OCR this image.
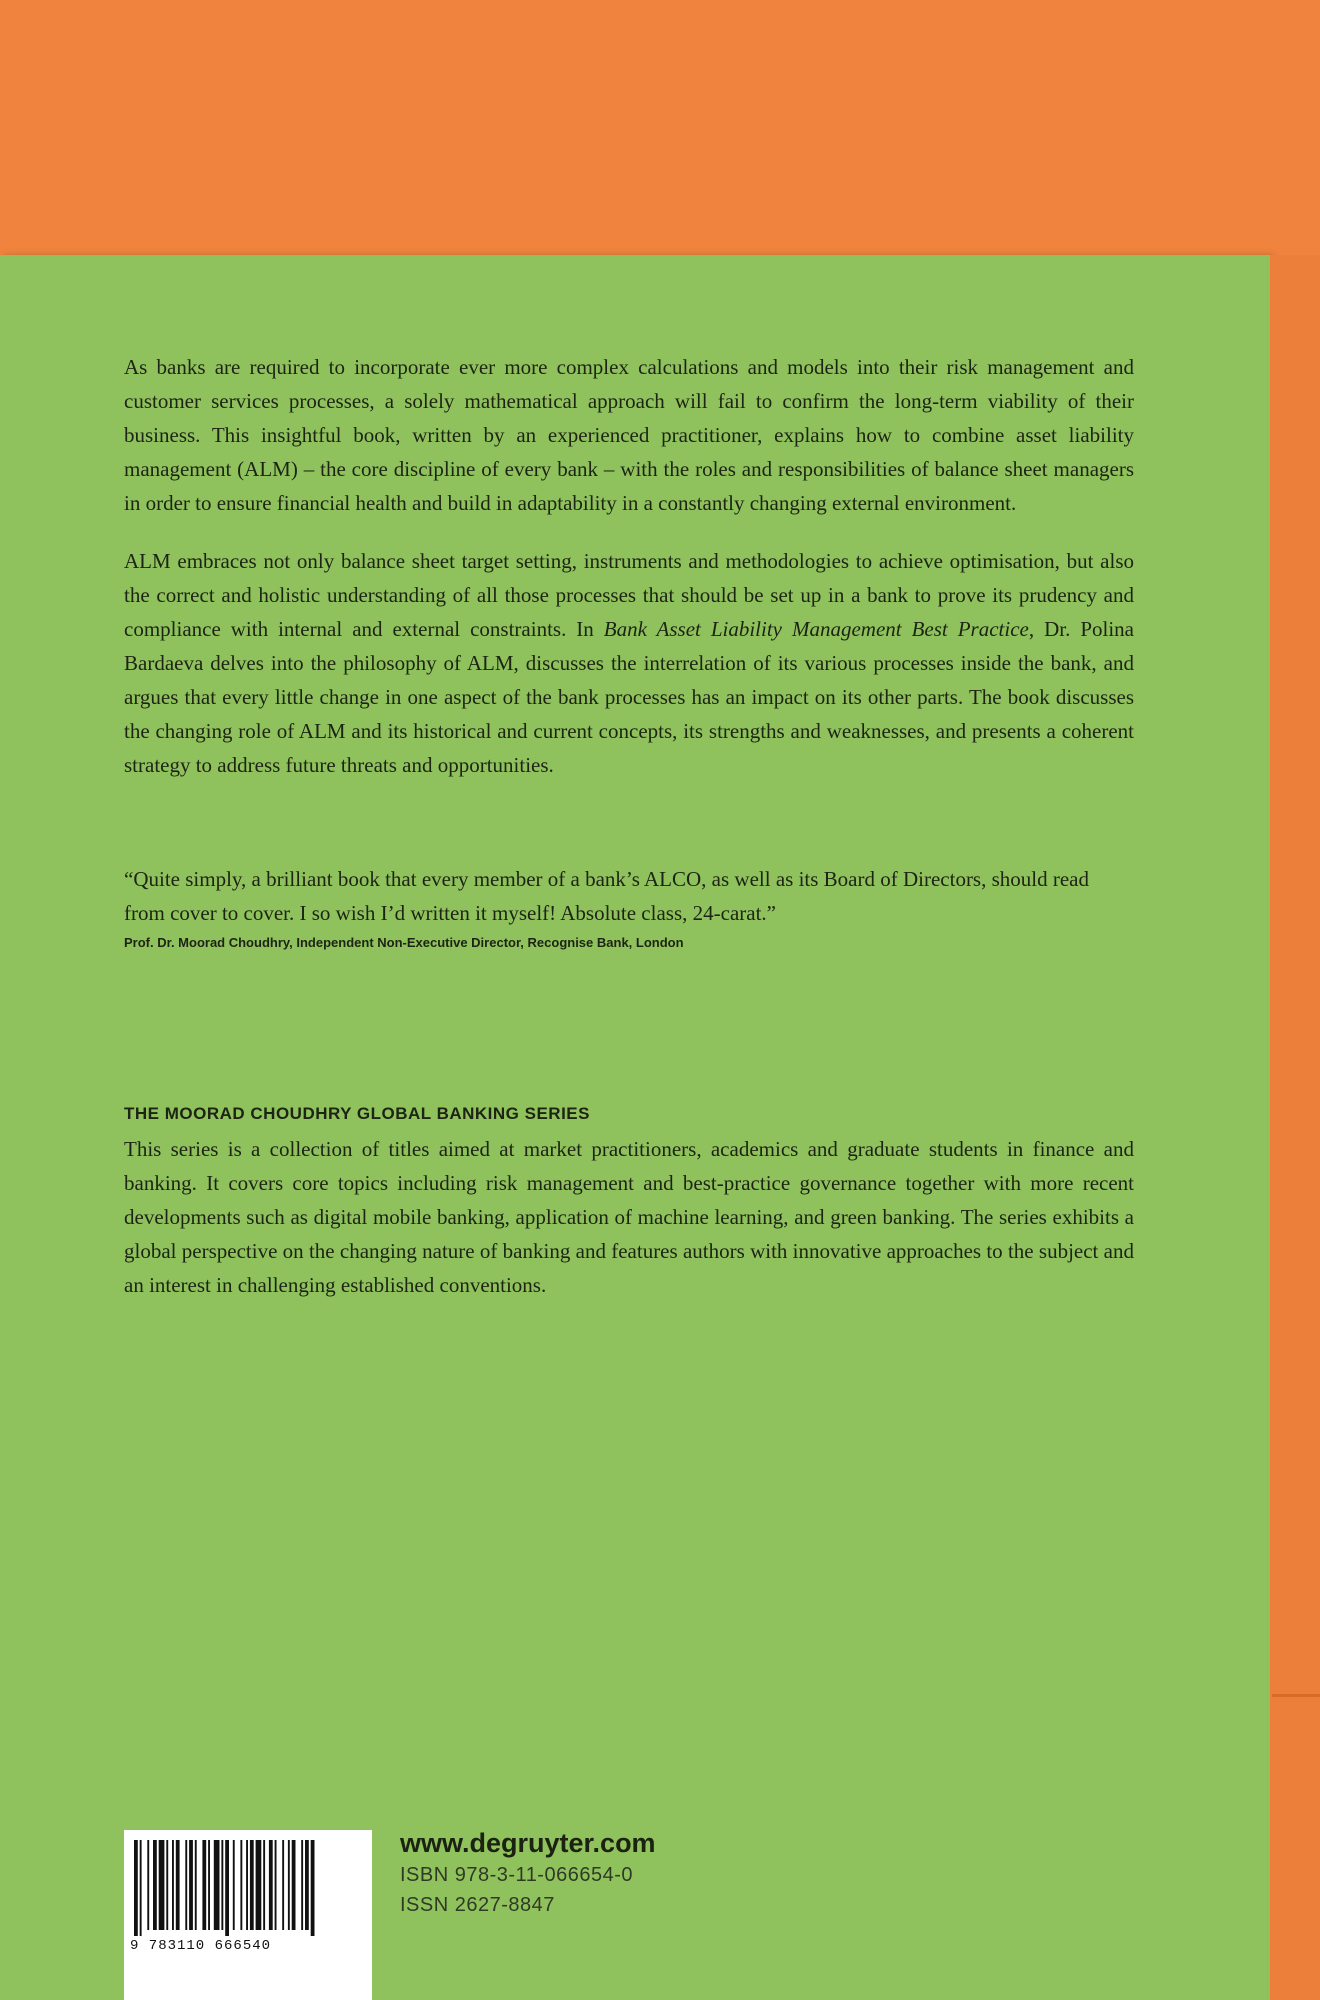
As banks are required to incorporate ever more complex calculations and models into their risk management and customer services processes, a solely mathematical approach will fail to confirm the long-term viability of their business. This insightful book, written by an experienced practitioner, explains how to combine asset liability management (ALM) – the core discipline of every bank – with the roles and responsibilities of balance sheet managers in order to ensure financial health and build in adaptability in a constantly changing external environment.

ALM embraces not only balance sheet target setting, instruments and methodologies to achieve optimisation, but also the correct and holistic understanding of all those processes that should be set up in a bank to prove its prudency and compliance with internal and external constraints. In Bank Asset Liability Management Best Practice, Dr. Polina Bardaeva delves into the philosophy of ALM, discusses the interrelation of its various processes inside the bank, and argues that every little change in one aspect of the bank processes has an impact on its other parts. The book discusses the changing role of ALM and its historical and current concepts, its strengths and weaknesses, and presents a coherent strategy to address future threats and opportunities.

“Quite simply, a brilliant book that every member of a bank’s ALCO, as well as its Board of Directors, should read from cover to cover. I so wish I’d written it myself! Absolute class, 24-carat.”

Prof. Dr. Moorad Choudhry, Independent Non-Executive Director, Recognise Bank, London

THE MOORAD CHOUDHRY GLOBAL BANKING SERIES

This series is a collection of titles aimed at market practitioners, academics and graduate students in finance and banking. It covers core topics including risk management and best-practice governance together with more recent developments such as digital mobile banking, application of machine learning, and green banking. The series exhibits a global perspective on the changing nature of banking and features authors with innovative approaches to the subject and an interest in challenging established conventions.

9 783110 666540
www.degruyter.com
ISBN 978-3-11-066654-0
ISSN 2627-8847
